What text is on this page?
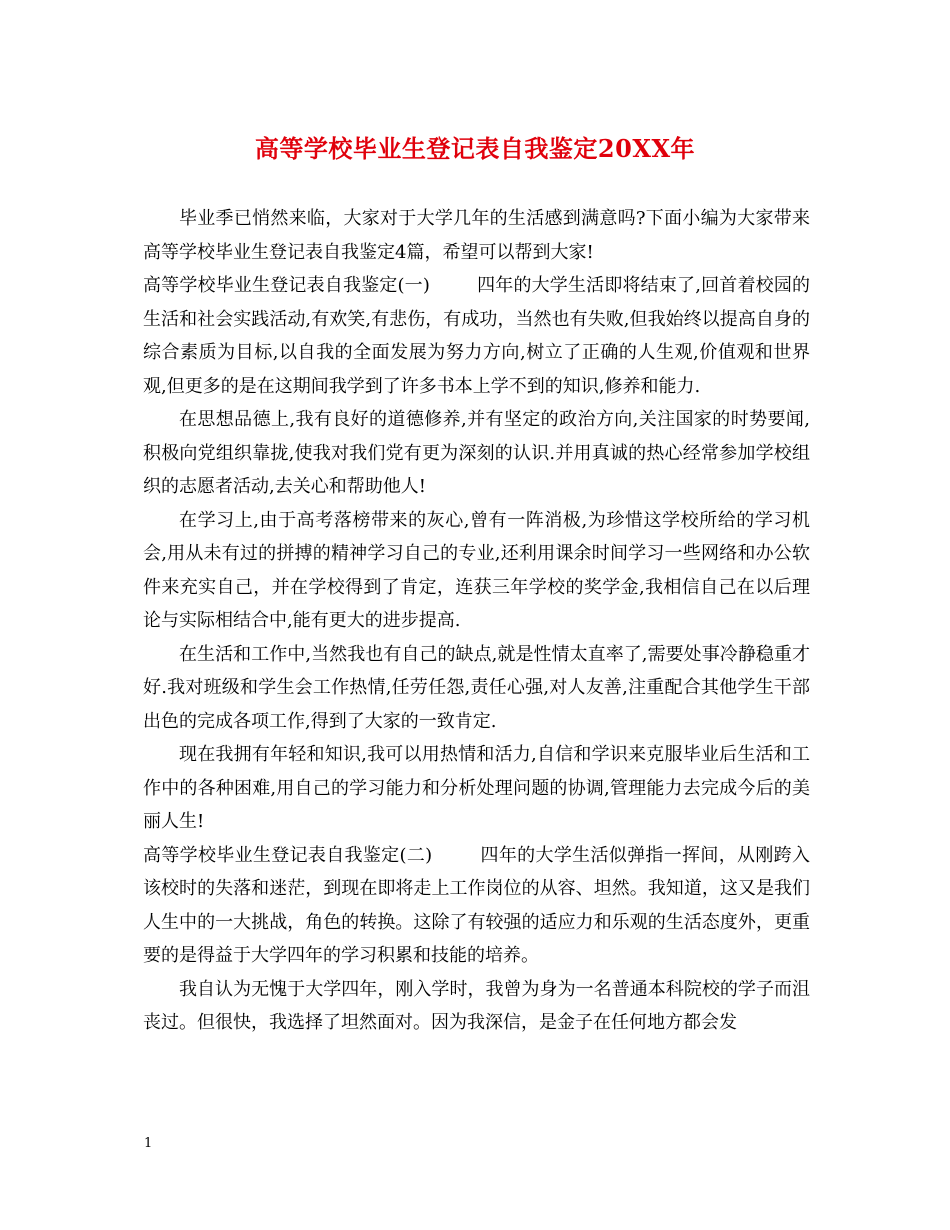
高等学校毕业生登记表自我鉴定20XX年

毕业季已悄然来临，大家对于大学几年的生活感到满意吗?下面小编为大家带来高等学校毕业生登记表自我鉴定4篇，希望可以帮到大家!

高等学校毕业生登记表自我鉴定(一)	四年的大学生活即将结束了,回首着校园的生活和社会实践活动,有欢笑,有悲伤，有成功，当然也有失败,但我始终以提高自身的综合素质为目标,以自我的全面发展为努力方向,树立了正确的人生观,价值观和世界观,但更多的是在这期间我学到了许多书本上学不到的知识,修养和能力.

在思想品德上,我有良好的道德修养,并有坚定的政治方向,关注国家的时势要闻,积极向党组织靠拢,使我对我们党有更为深刻的认识.并用真诚的热心经常参加学校组织的志愿者活动,去关心和帮助他人!

在学习上,由于高考落榜带来的灰心,曾有一阵消极,为珍惜这学校所给的学习机会,用从未有过的拼搏的精神学习自己的专业,还利用课余时间学习一些网络和办公软件来充实自己，并在学校得到了肯定，连获三年学校的奖学金,我相信自己在以后理论与实际相结合中,能有更大的进步提高.

在生活和工作中,当然我也有自己的缺点,就是性情太直率了,需要处事冷静稳重才好.我对班级和学生会工作热情,任劳任怨,责任心强,对人友善,注重配合其他学生干部出色的完成各项工作,得到了大家的一致肯定.

现在我拥有年轻和知识,我可以用热情和活力,自信和学识来克服毕业后生活和工作中的各种困难,用自己的学习能力和分析处理问题的协调,管理能力去完成今后的美丽人生!

高等学校毕业生登记表自我鉴定(二)	四年的大学生活似弹指一挥间，从刚跨入该校时的失落和迷茫，到现在即将走上工作岗位的从容、坦然。我知道，这又是我们人生中的一大挑战，角色的转换。这除了有较强的适应力和乐观的生活态度外，更重要的是得益于大学四年的学习积累和技能的培养。

我自认为无愧于大学四年，刚入学时，我曾为身为一名普通本科院校的学子而沮丧过。但很快，我选择了坦然面对。因为我深信，是金子在任何地方都会发

1
